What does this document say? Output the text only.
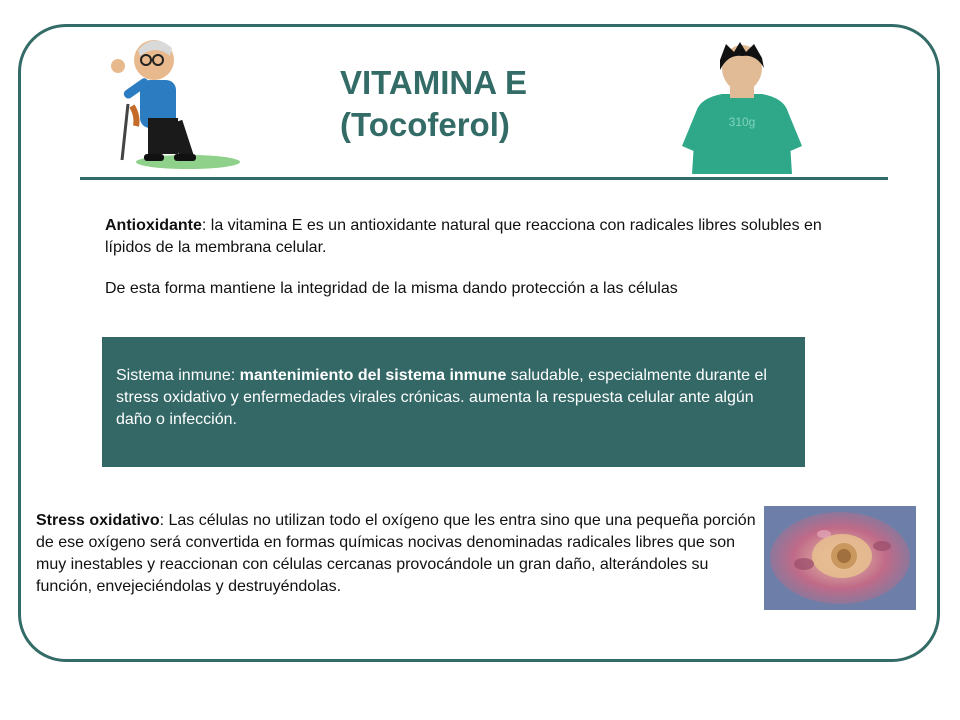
310g
VITAMINA E
(Tocoferol)

Antioxidante: la vitamina E es un antioxidante natural que reacciona con radicales libres solubles en lípidos de la membrana celular.

De esta forma mantiene la integridad de la misma dando protección a las células

Sistema inmune: mantenimiento del sistema inmune saludable, especialmente durante el stress oxidativo y enfermedades virales crónicas. aumenta la respuesta celular ante algún daño o infección.

Stress oxidativo: Las células no utilizan todo el oxígeno que les entra sino que una pequeña porción de ese oxígeno será convertida en formas químicas nocivas denominadas radicales libres que son muy inestables y reaccionan con células cercanas provocándole un gran daño, alterándoles su función, envejeciéndolas y destruyéndolas.
